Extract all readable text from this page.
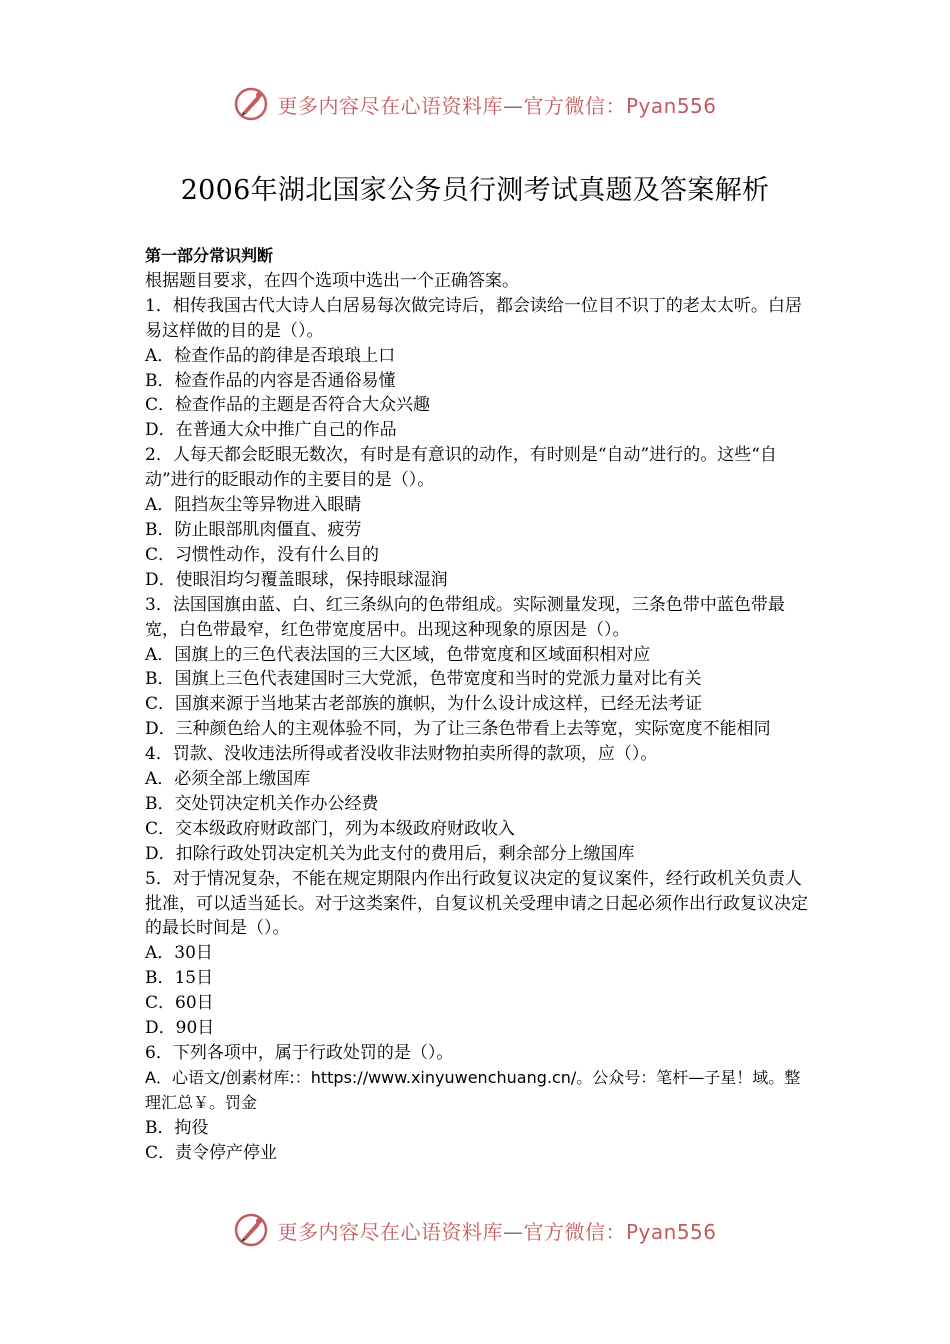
更多内容尽在心语资料库—官方微信：Pyan556
2006年湖北国家公务员行测考试真题及答案解析

第一部分常识判断

根据题目要求，在四个选项中选出一个正确答案。

1．相传我国古代大诗人白居易每次做完诗后，都会读给一位目不识丁的老太太听。白居易这样做的目的是（）。

A．检查作品的韵律是否琅琅上口

B．检查作品的内容是否通俗易懂

C．检查作品的主题是否符合大众兴趣

D．在普通大众中推广自己的作品

2．人每天都会眨眼无数次，有时是有意识的动作，有时则是“自动”进行的。这些“自动”进行的眨眼动作的主要目的是（）。

A．阻挡灰尘等异物进入眼睛

B．防止眼部肌肉僵直、疲劳

C．习惯性动作，没有什么目的

D．使眼泪均匀覆盖眼球，保持眼球湿润

3．法国国旗由蓝、白、红三条纵向的色带组成。实际测量发现，三条色带中蓝色带最宽，白色带最窄，红色带宽度居中。出现这种现象的原因是（）。

A．国旗上的三色代表法国的三大区域，色带宽度和区域面积相对应

B．国旗上三色代表建国时三大党派，色带宽度和当时的党派力量对比有关

C．国旗来源于当地某古老部族的旗帜，为什么设计成这样，已经无法考证

D．三种颜色给人的主观体验不同，为了让三条色带看上去等宽，实际宽度不能相同

4．罚款、没收违法所得或者没收非法财物拍卖所得的款项，应（）。

A．必须全部上缴国库

B．交处罚决定机关作办公经费

C．交本级政府财政部门，列为本级政府财政收入

D．扣除行政处罚决定机关为此支付的费用后，剩余部分上缴国库

5．对于情况复杂，不能在规定期限内作出行政复议决定的复议案件，经行政机关负责人批准，可以适当延长。对于这类案件，自复议机关受理申请之日起必须作出行政复议决定的最长时间是（）。

A．30日

B．15日

C．60日

D．90日

6．下列各项中，属于行政处罚的是（）。

A．心语文/创素材库:：https://www.xinyuwenchuang.cn/。公众号：笔杆—子星！域。整理汇总￥。罚金

B．拘役

C．责令停产停业

更多内容尽在心语资料库—官方微信：Pyan556
